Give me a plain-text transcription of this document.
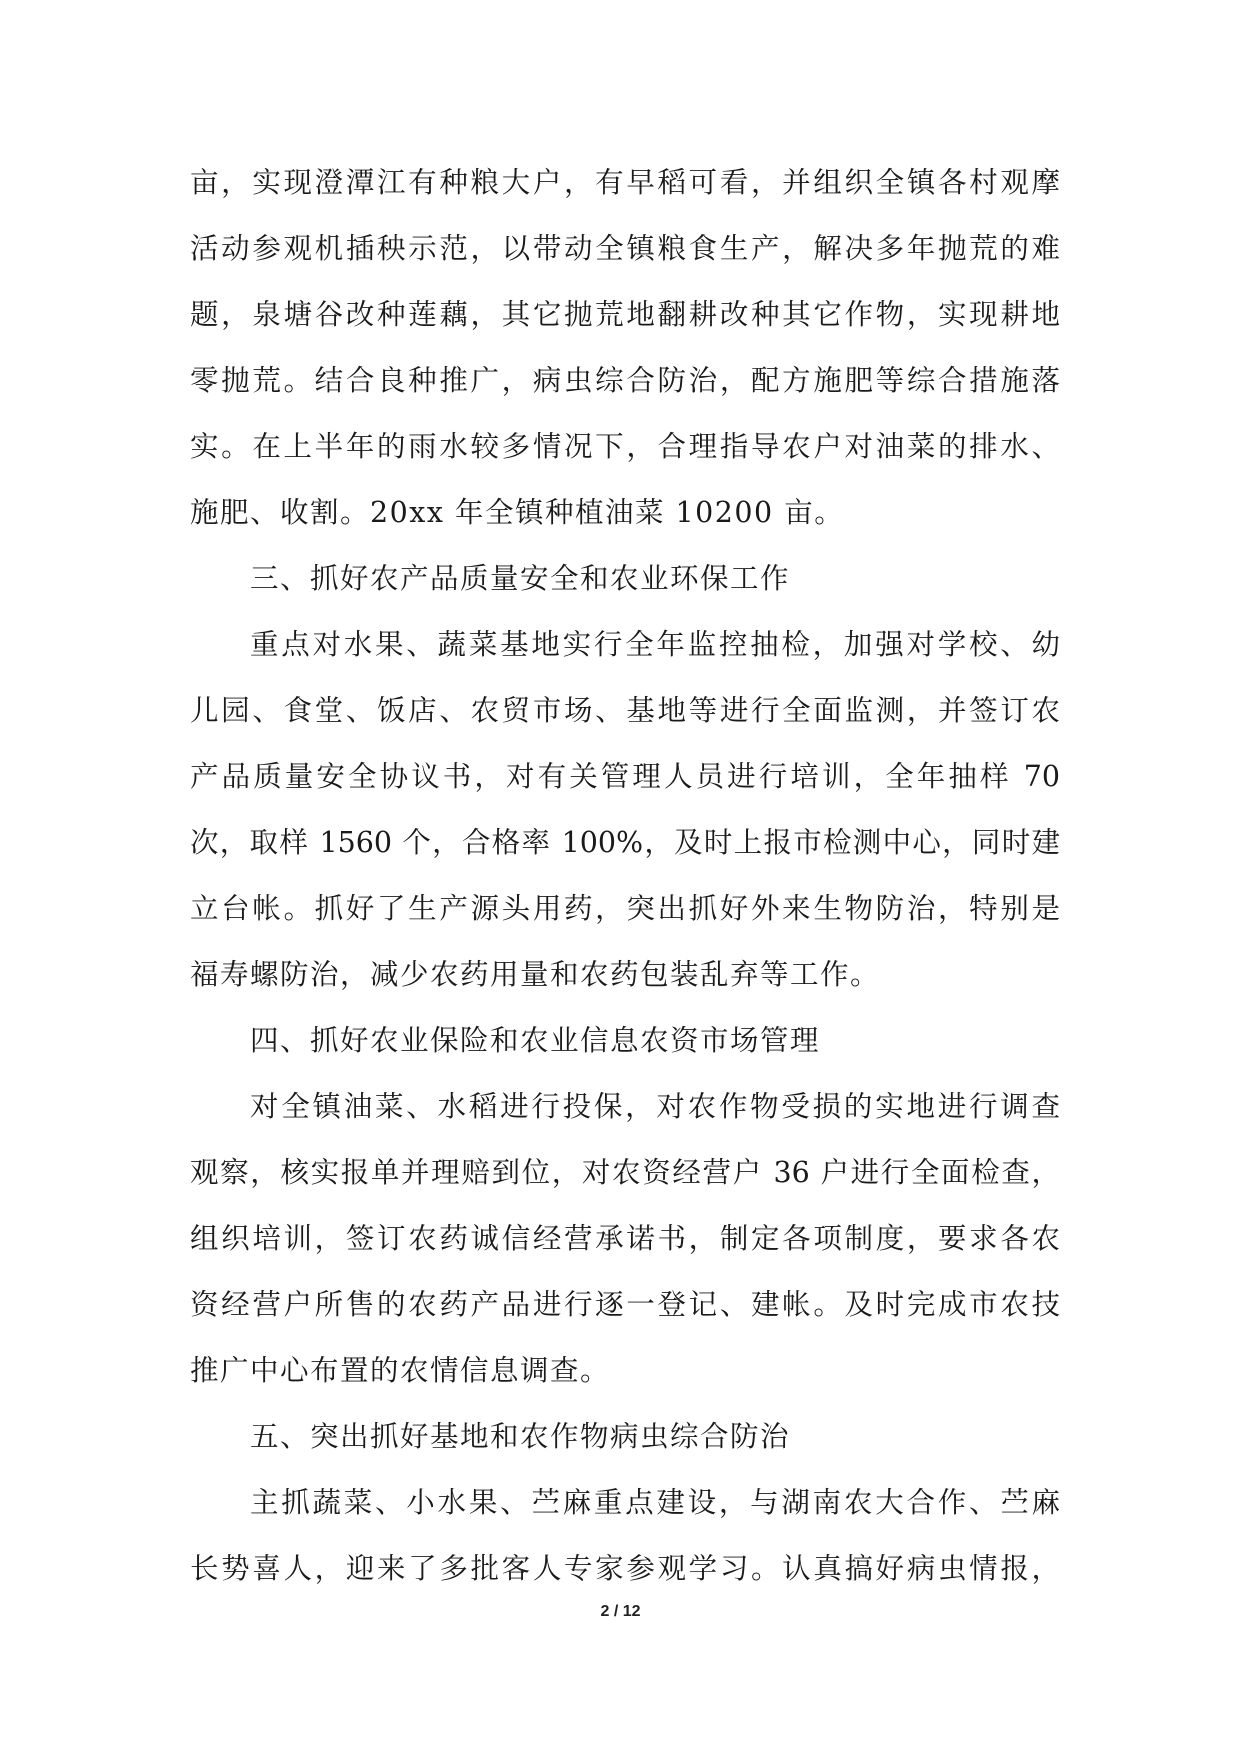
亩，实现澄潭江有种粮大户，有早稻可看，并组织全镇各村观摩
活动参观机插秧示范，以带动全镇粮食生产，解决多年抛荒的难
题，泉塘谷改种莲藕，其它抛荒地翻耕改种其它作物，实现耕地
零抛荒。结合良种推广，病虫综合防治，配方施肥等综合措施落
实。在上半年的雨水较多情况下，合理指导农户对油菜的排水、
施肥、收割。20xx 年全镇种植油菜 10200 亩。
三、抓好农产品质量安全和农业环保工作
重点对水果、蔬菜基地实行全年监控抽检，加强对学校、幼
儿园、食堂、饭店、农贸市场、基地等进行全面监测，并签订农
产品质量安全协议书，对有关管理人员进行培训，全年抽样 70
次，取样 1560 个，合格率 100%，及时上报市检测中心，同时建
立台帐。抓好了生产源头用药，突出抓好外来生物防治，特别是
福寿螺防治，减少农药用量和农药包装乱弃等工作。
四、抓好农业保险和农业信息农资市场管理
对全镇油菜、水稻进行投保，对农作物受损的实地进行调查
观察，核实报单并理赔到位，对农资经营户 36 户进行全面检查，
组织培训，签订农药诚信经营承诺书，制定各项制度，要求各农
资经营户所售的农药产品进行逐一登记、建帐。及时完成市农技
推广中心布置的农情信息调查。
五、突出抓好基地和农作物病虫综合防治
主抓蔬菜、小水果、苎麻重点建设，与湖南农大合作、苎麻
长势喜人，迎来了多批客人专家参观学习。认真搞好病虫情报，
2 / 12
